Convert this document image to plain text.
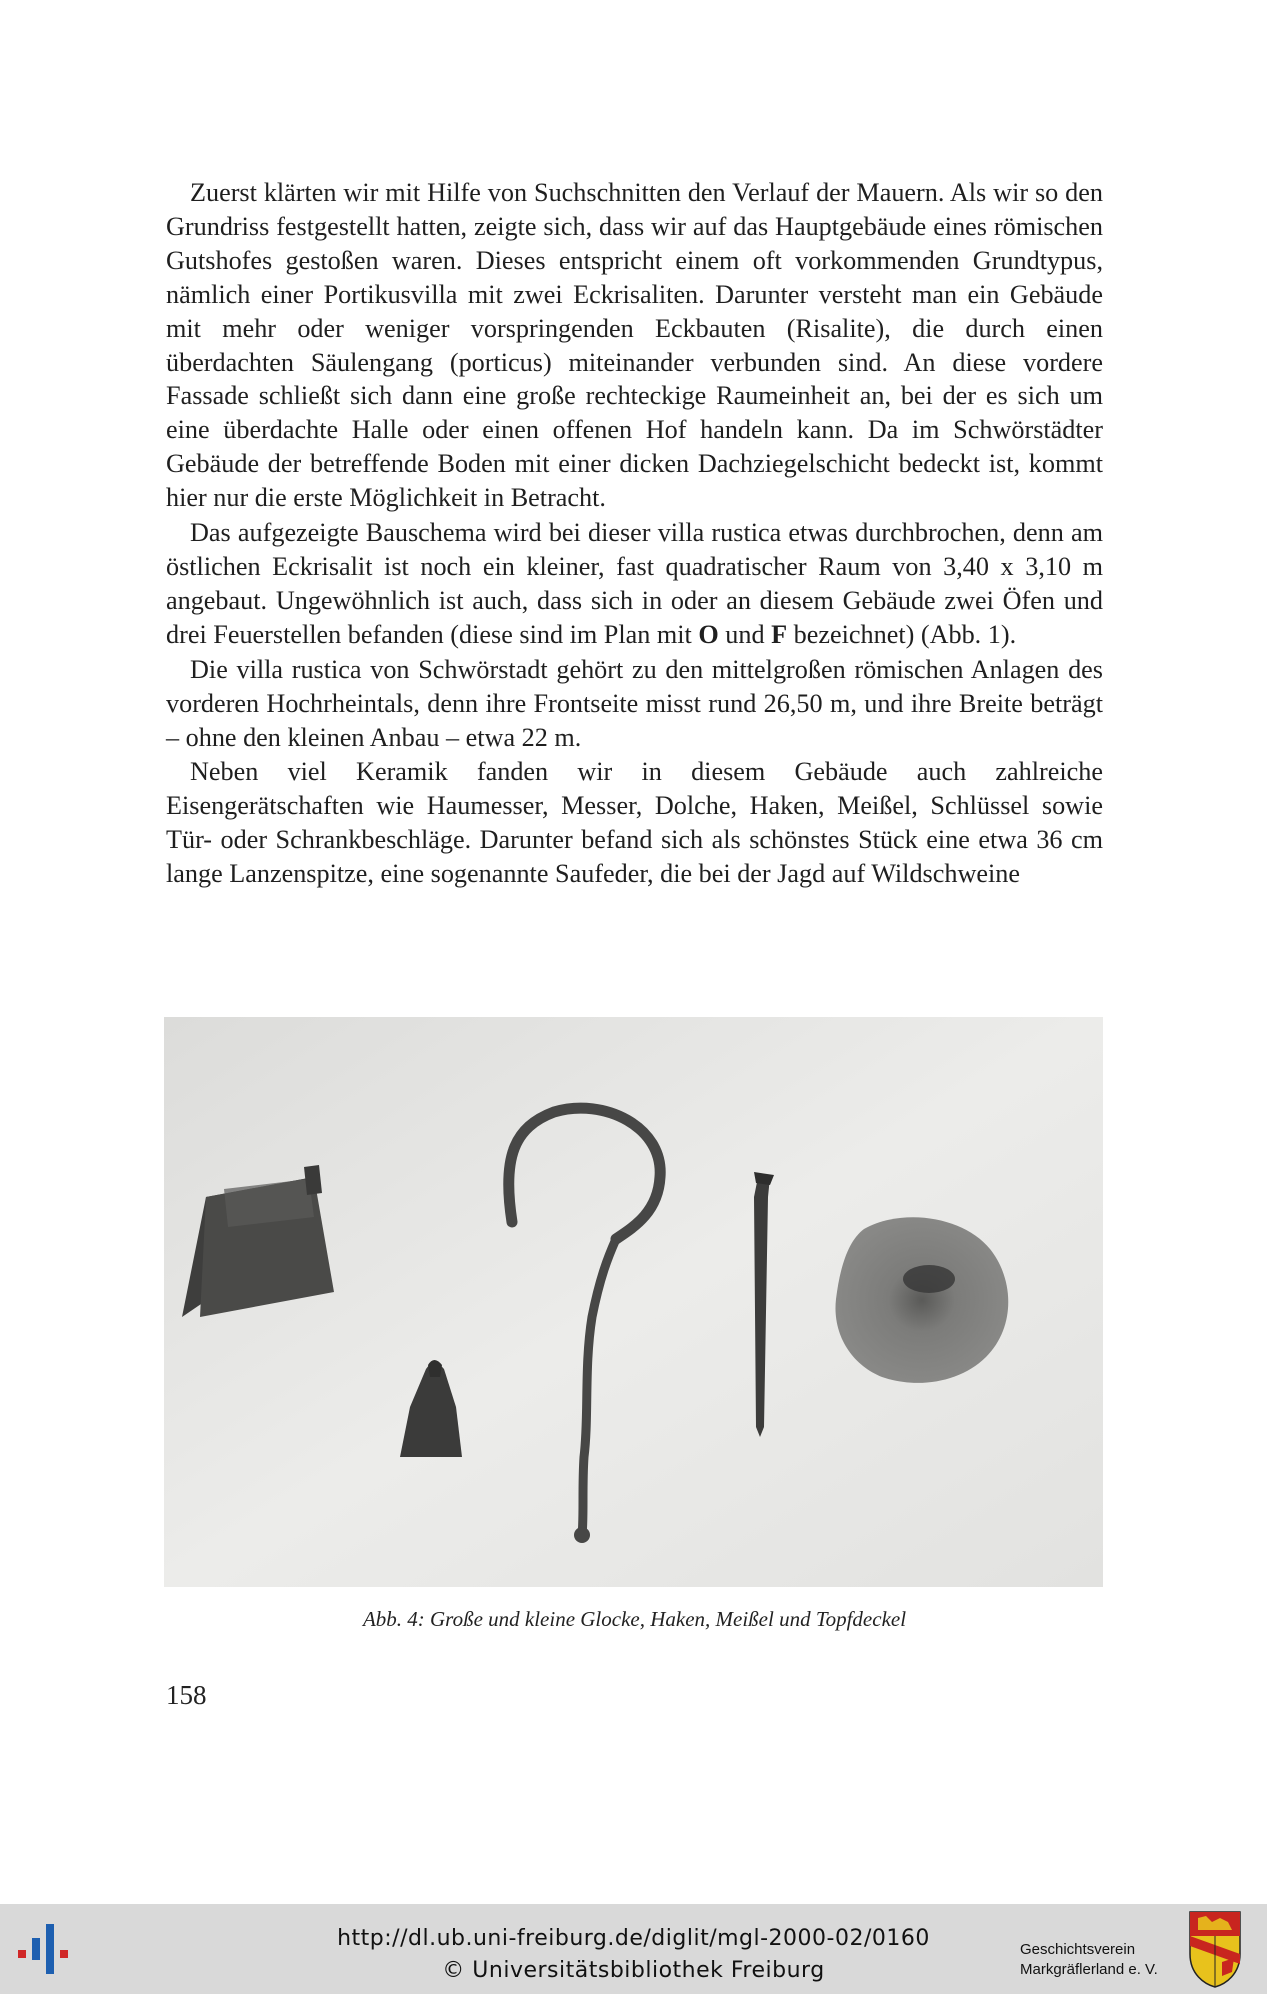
Zuerst klärten wir mit Hilfe von Suchschnitten den Verlauf der Mauern. Als wir so den Grundriss festgestellt hatten, zeigte sich, dass wir auf das Hauptgebäude eines römischen Gutshofes gestoßen waren. Dieses entspricht einem oft vorkommenden Grundtypus, nämlich einer Portikusvilla mit zwei Eckrisaliten. Darunter versteht man ein Gebäude mit mehr oder weniger vorspringenden Eckbauten (Risalite), die durch einen überdachten Säulengang (porticus) miteinander verbunden sind. An diese vordere Fassade schließt sich dann eine große rechteckige Raumeinheit an, bei der es sich um eine überdachte Halle oder einen offenen Hof handeln kann. Da im Schwörstädter Gebäude der betreffende Boden mit einer dicken Dachziegelschicht bedeckt ist, kommt hier nur die erste Möglichkeit in Betracht.

Das aufgezeigte Bauschema wird bei dieser villa rustica etwas durchbrochen, denn am östlichen Eckrisalit ist noch ein kleiner, fast quadratischer Raum von 3,40 x 3,10 m angebaut. Ungewöhnlich ist auch, dass sich in oder an diesem Gebäude zwei Öfen und drei Feuerstellen befanden (diese sind im Plan mit O und F bezeichnet) (Abb. 1).

Die villa rustica von Schwörstadt gehört zu den mittelgroßen römischen Anlagen des vorderen Hochrheintals, denn ihre Frontseite misst rund 26,50 m, und ihre Breite beträgt – ohne den kleinen Anbau – etwa 22 m.

Neben viel Keramik fanden wir in diesem Gebäude auch zahlreiche Eisengerätschaften wie Haumesser, Messer, Dolche, Haken, Meißel, Schlüssel sowie Tür- oder Schrankbeschläge. Darunter befand sich als schönstes Stück eine etwa 36 cm lange Lanzenspitze, eine sogenannte Saufeder, die bei der Jagd auf Wildschweine

Abb. 4: Große und kleine Glocke, Haken, Meißel und Topfdeckel
158
http://dl.ub.uni-freiburg.de/diglit/mgl-2000-02/0160
© Universitätsbibliothek Freiburg
Geschichtsverein
Markgräflerland e. V.
